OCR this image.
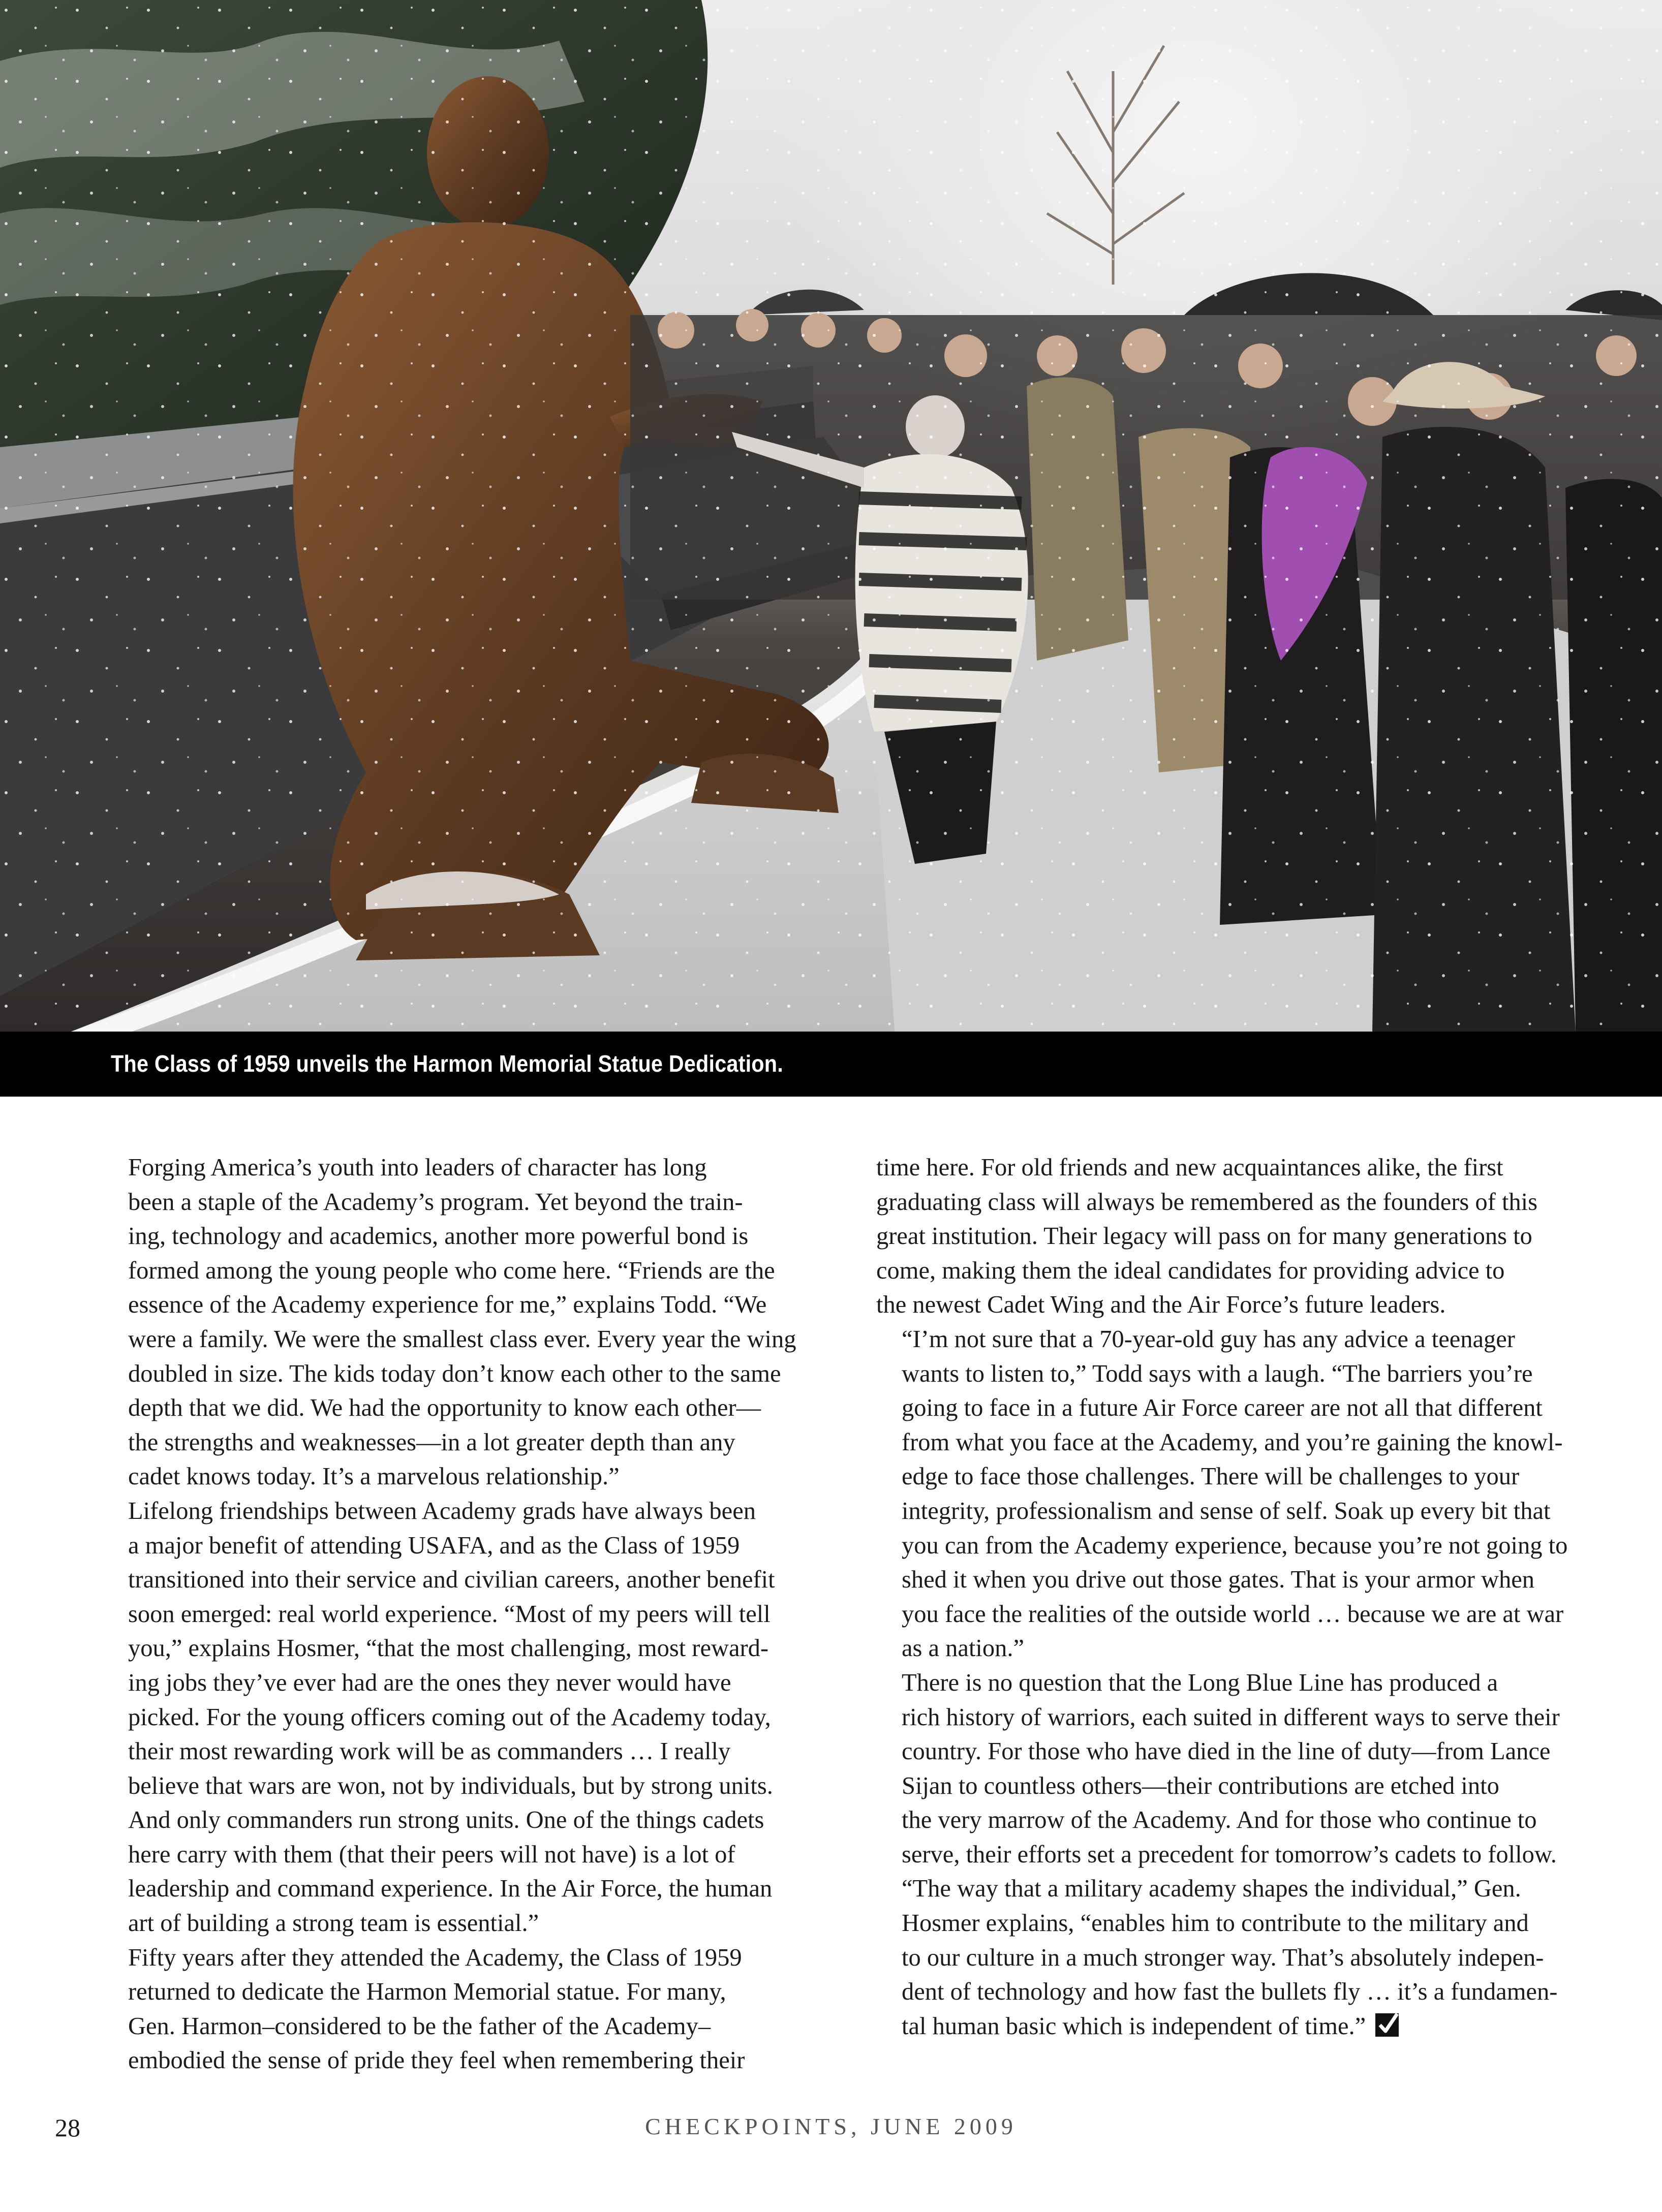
The Class of 1959 unveils the Harmon Memorial Statue Dedication.

Forging America’s youth into leaders of character has long
been a staple of the Academy’s program. Yet beyond the train-
ing, technology and academics, another more powerful bond is
formed among the young people who come here. “Friends are the
essence of the Academy experience for me,” explains Todd. “We
were a family. We were the smallest class ever. Every year the wing
doubled in size. The kids today don’t know each other to the same
depth that we did. We had the opportunity to know each other—
the strengths and weaknesses—in a lot greater depth than any
cadet knows today. It’s a marvelous relationship.”

Lifelong friendships between Academy grads have always been
a major benefit of attending USAFA, and as the Class of 1959
transitioned into their service and civilian careers, another benefit
soon emerged: real world experience. “Most of my peers will tell
you,” explains Hosmer, “that the most challenging, most reward-
ing jobs they’ve ever had are the ones they never would have
picked. For the young officers coming out of the Academy today,
their most rewarding work will be as commanders … I really
believe that wars are won, not by individuals, but by strong units.
And only commanders run strong units. One of the things cadets
here carry with them (that their peers will not have) is a lot of
leadership and command experience. In the Air Force, the human
art of building a strong team is essential.”

Fifty years after they attended the Academy, the Class of 1959
returned to dedicate the Harmon Memorial statue. For many,
Gen. Harmon–considered to be the father of the Academy–
embodied the sense of pride they feel when remembering their

time here. For old friends and new acquaintances alike, the first
graduating class will always be remembered as the founders of this
great institution. Their legacy will pass on for many generations to
come, making them the ideal candidates for providing advice to
the newest Cadet Wing and the Air Force’s future leaders.

“I’m not sure that a 70-year-old guy has any advice a teenager
wants to listen to,” Todd says with a laugh. “The barriers you’re
going to face in a future Air Force career are not all that different
from what you face at the Academy, and you’re gaining the knowl-
edge to face those challenges. There will be challenges to your
integrity, professionalism and sense of self. Soak up every bit that
you can from the Academy experience, because you’re not going to
shed it when you drive out those gates. That is your armor when
you face the realities of the outside world … because we are at war
as a nation.”

There is no question that the Long Blue Line has produced a
rich history of warriors, each suited in different ways to serve their
country. For those who have died in the line of duty—from Lance
Sijan to countless others—their contributions are etched into
the very marrow of the Academy. And for those who continue to
serve, their efforts set a precedent for tomorrow’s cadets to follow.

“The way that a military academy shapes the individual,” Gen.
Hosmer explains, “enables him to contribute to the military and
to our culture in a much stronger way. That’s absolutely indepen-
dent of technology and how fast the bullets fly … it’s a fundamen-
tal human basic which is independent of time.”

28	CHECKPOINTS, JUNE 2009
